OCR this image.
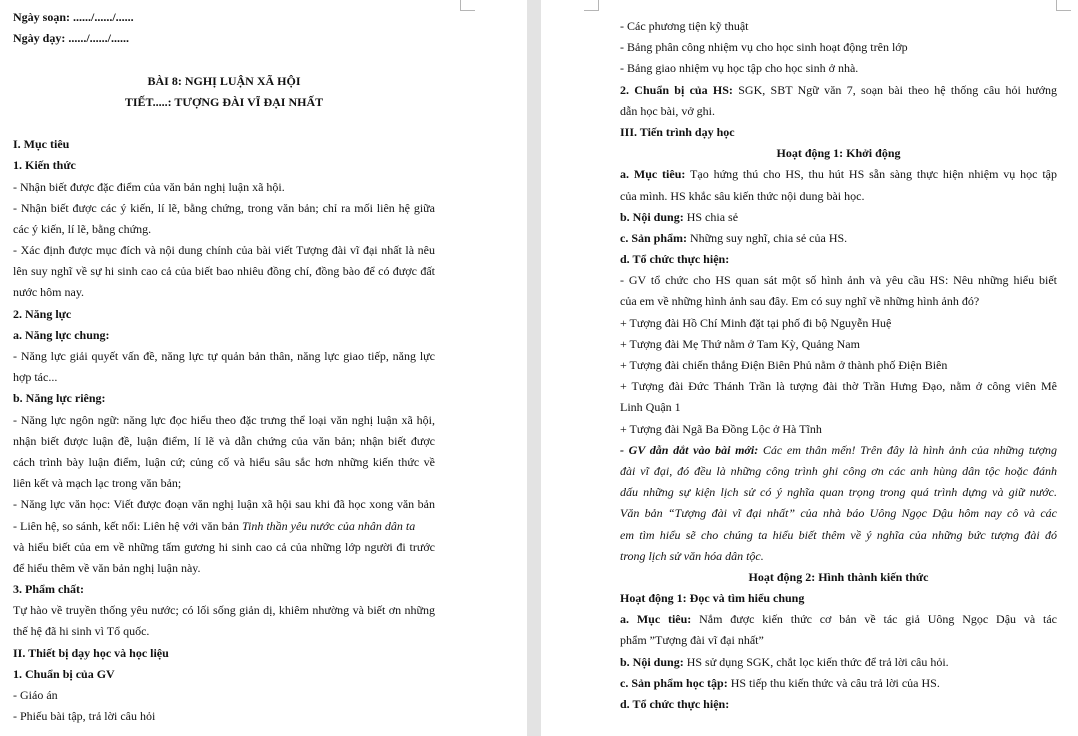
Ngày soạn: ....../....../......
Ngày dạy: ....../....../......
BÀI 8: NGHỊ LUẬN XÃ HỘI
TIẾT.....: TƯỢNG ĐÀI VĨ ĐẠI NHẤT
I. Mục tiêu
1. Kiến thức
- Nhận biết được đặc điểm của văn bản nghị luận xã hội.
- Nhận biết được các ý kiến, lí lẽ, bằng chứng, trong văn bản; chỉ ra mối liên hệ giữa
các ý kiến, lí lẽ, bằng chứng.
- Xác định được mục đích và nội dung chính của bài viết Tượng đài vĩ đại nhất là nêu
lên suy nghĩ về sự hi sinh cao cả của biết bao nhiêu đồng chí, đồng bào để có được đất
nước hôm nay.
2. Năng lực
a. Năng lực chung:
- Năng lực giải quyết vấn đề, năng lực tự quản bản thân, năng lực giao tiếp, năng lực
hợp tác...
b. Năng lực riêng:
- Năng lực ngôn ngữ: năng lực đọc hiểu theo đặc trưng thể loại văn nghị luận xã hội,
nhận biết được luận đề, luận điểm, lí lẽ và dẫn chứng của văn bản; nhận biết được
cách trình bày luận điểm, luận cứ; củng cố và hiểu sâu sắc hơn những kiến thức về
liên kết và mạch lạc trong văn bản;
- Năng lực văn học: Viết được đoạn văn nghị luận xã hội sau khi đã học xong văn bản
- Liên hệ, so sánh, kết nối: Liên hệ với văn bản Tinh thần yêu nước của nhân dân ta
và hiểu biết của em về những tấm gương hi sinh cao cả của những lớp người đi trước
để hiểu thêm về văn bản nghị luận này.
3. Phẩm chất:
Tự hào về truyền thống yêu nước; có lối sống giản dị, khiêm nhường và biết ơn những
thế hệ đã hi sinh vì Tổ quốc.
II. Thiết bị dạy học và học liệu
1. Chuẩn bị của GV
- Giáo án
- Phiếu bài tập, trả lời câu hỏi
- Các phương tiện kỹ thuật
- Bảng phân công nhiệm vụ cho học sinh hoạt động trên lớp
- Bảng giao nhiệm vụ học tập cho học sinh ở nhà.
2. Chuẩn bị của HS: SGK, SBT Ngữ văn 7, soạn bài theo hệ thống câu hỏi hướng
dẫn học bài, vở ghi.
III. Tiến trình dạy học
Hoạt động 1: Khởi động
a. Mục tiêu: Tạo hứng thú cho HS, thu hút HS sẵn sàng thực hiện nhiệm vụ học tập
của mình. HS khắc sâu kiến thức nội dung bài học.
b. Nội dung: HS chia sẻ
c. Sản phẩm: Những suy nghĩ, chia sẻ của HS.
d. Tổ chức thực hiện:
- GV tổ chức cho HS quan sát một số hình ảnh và yêu cầu HS: Nêu những hiểu biết
của em về những hình ảnh sau đây. Em có suy nghĩ về những hình ảnh đó?
+ Tượng đài Hồ Chí Minh đặt tại phố đi bộ Nguyễn Huệ
+ Tượng đài Mẹ Thứ nằm ở Tam Kỳ, Quảng Nam
+ Tượng đài chiến thắng Điện Biên Phủ nằm ở thành phố Điện Biên
+ Tượng đài Đức Thánh Trần là tượng đài thờ Trần Hưng Đạo, nằm ở công viên Mê
Linh Quận 1
+ Tượng đài Ngã Ba Đồng Lộc ở Hà Tĩnh
- GV dẫn dắt vào bài mới: Các em thân mến! Trên đây là hình ảnh của những tượng
đài vĩ đại, đó đều là những công trình ghi công ơn các anh hùng dân tộc hoặc đánh
dấu những sự kiện lịch sử có ý nghĩa quan trọng trong quá trình dựng và giữ nước.
Văn bản “Tượng đài vĩ đại nhất” của nhà báo Uông Ngọc Dậu hôm nay cô và các
em tìm hiểu sẽ cho chúng ta hiểu biết thêm về ý nghĩa của những bức tượng đài đó
trong lịch sử văn hóa dân tộc.
Hoạt động 2: Hình thành kiến thức
Hoạt động 1: Đọc và tìm hiểu chung
a. Mục tiêu: Nắm được kiến thức cơ bản về tác giả Uông Ngọc Dậu và tác
phẩm ”Tượng đài vĩ đại nhất”
b. Nội dung: HS sử dụng SGK, chắt lọc kiến thức để trả lời câu hỏi.
c. Sản phẩm học tập: HS tiếp thu kiến thức và câu trả lời của HS.
d. Tổ chức thực hiện:
